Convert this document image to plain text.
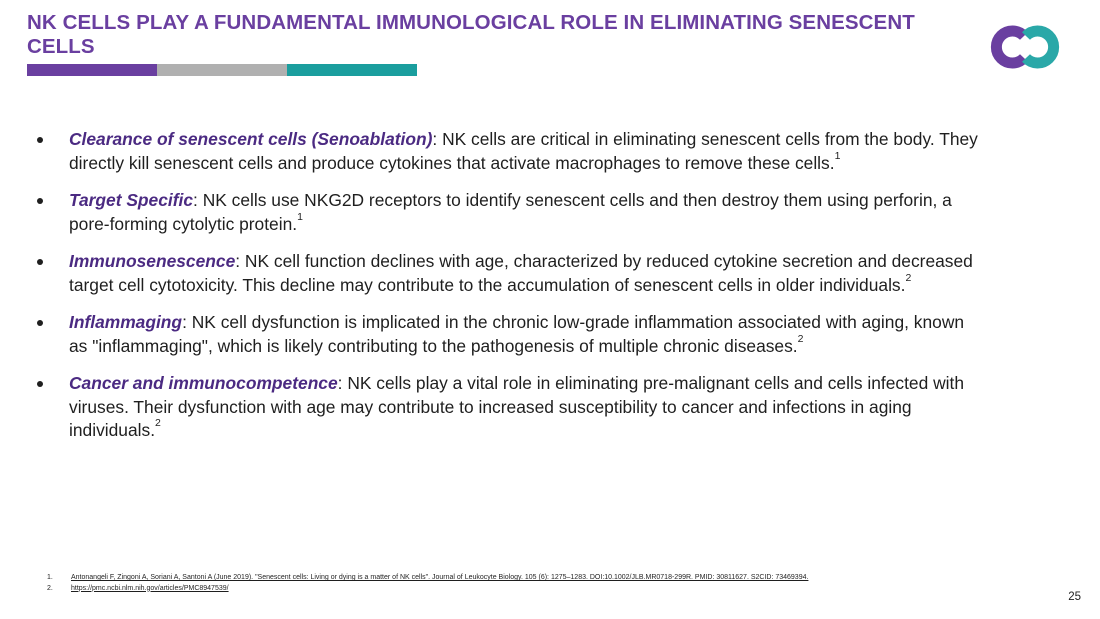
NK CELLS PLAY A FUNDAMENTAL IMMUNOLOGICAL ROLE IN ELIMINATING SENESCENT CELLS
Clearance of senescent cells (Senoablation): NK cells are critical in eliminating senescent cells from the body. They directly kill senescent cells and produce cytokines that activate macrophages to remove these cells.$^1$
Target Specific: NK cells use NKG2D receptors to identify senescent cells and then destroy them using perforin, a pore-forming cytolytic protein.$^1$
Immunosenescence: NK cell function declines with age, characterized by reduced cytokine secretion and decreased target cell cytotoxicity. This decline may contribute to the accumulation of senescent cells in older individuals.$^2$
Inflammaging: NK cell dysfunction is implicated in the chronic low-grade inflammation associated with aging, known as "inflammaging", which is likely contributing to the pathogenesis of multiple chronic diseases.$^2$
Cancer and immunocompetence: NK cells play a vital role in eliminating pre-malignant cells and cells infected with viruses. Their dysfunction with age may contribute to increased susceptibility to cancer and infections in aging individuals.$^2$
1.	Antonangeli F, Zingoni A, Soriani A, Santoni A (June 2019). "Senescent cells: Living or dying is a matter of NK cells". Journal of Leukocyte Biology. 105 (6): 1275–1283. DOI:10.1002/JLB.MR0718-299R. PMID: 30811627. S2CID: 73469394.
2.	https://pmc.ncbi.nlm.nih.gov/articles/PMC8947539/
25
